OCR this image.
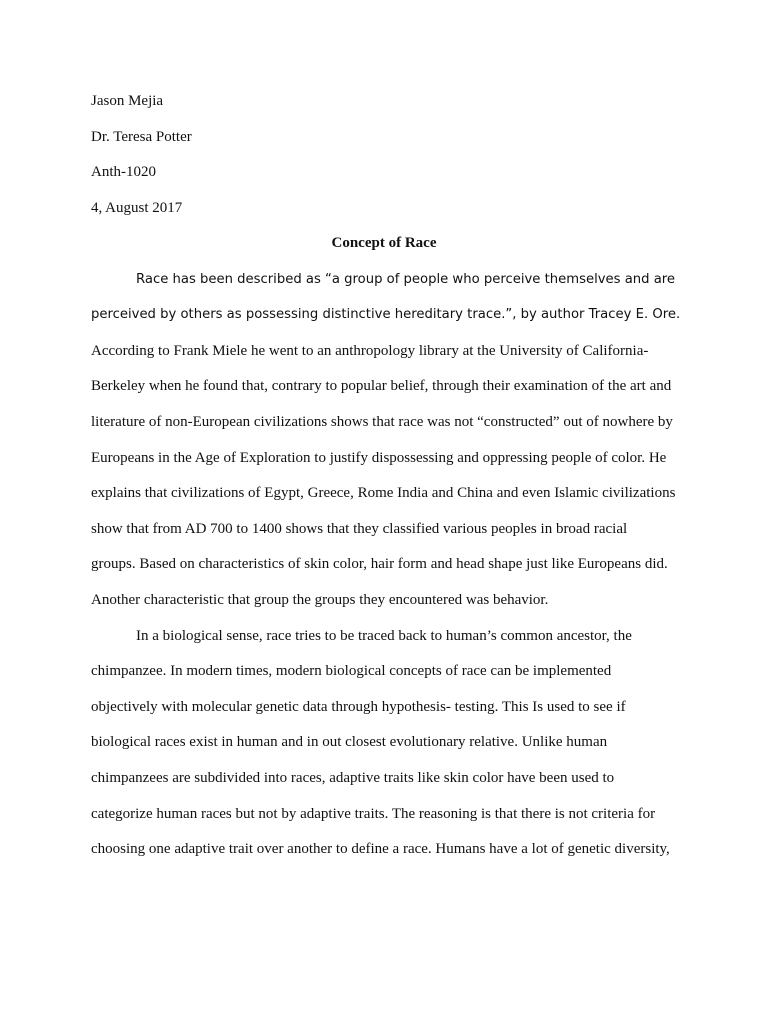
Jason Mejia
Dr. Teresa Potter
Anth-1020
4, August 2017
Concept of Race
Race has been described as “a group of people who perceive themselves and are
perceived by others as possessing distinctive hereditary trace.”, by author Tracey E. Ore.
According to Frank Miele he went to an anthropology library at the University of California-
Berkeley when he found that, contrary to popular belief, through their examination of the art and
literature of non-European civilizations shows that race was not “constructed” out of nowhere by
Europeans in the Age of Exploration to justify dispossessing and oppressing people of color. He
explains that civilizations of Egypt, Greece, Rome India and China and even Islamic civilizations
show that from AD 700 to 1400 shows that they classified various peoples in broad racial
groups. Based on characteristics of skin color, hair form and head shape just like Europeans did.
Another characteristic that group the groups they encountered was behavior.
In a biological sense, race tries to be traced back to human’s common ancestor, the
chimpanzee. In modern times, modern biological concepts of race can be implemented
objectively with molecular genetic data through hypothesis- testing. This Is used to see if
biological races exist in human and in out closest evolutionary relative. Unlike human
chimpanzees are subdivided into races, adaptive traits like skin color have been used to
categorize human races but not by adaptive traits. The reasoning is that there is not criteria for
choosing one adaptive trait over another to define a race. Humans have a lot of genetic diversity,
